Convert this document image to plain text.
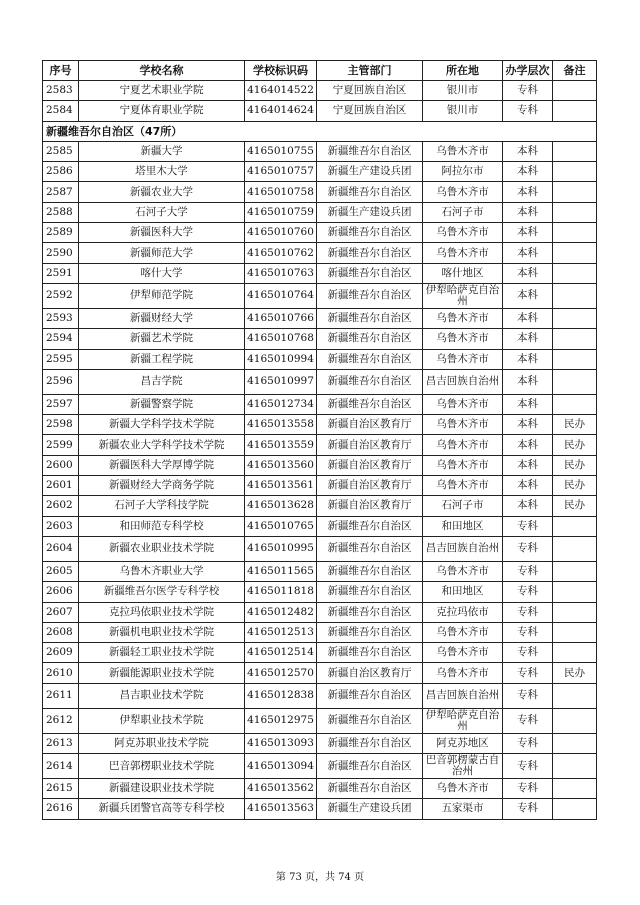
序号	学校名称	学校标识码	主管部门	所在地	办学层次	备注
2583	宁夏艺术职业学院	4164014522	宁夏回族自治区	银川市	专科	
2584	宁夏体育职业学院	4164014624	宁夏回族自治区	银川市	专科	
新疆维吾尔自治区（47所）						
2585	新疆大学	4165010755	新疆维吾尔自治区	乌鲁木齐市	本科	
2586	塔里木大学	4165010757	新疆生产建设兵团	阿拉尔市	本科	
2587	新疆农业大学	4165010758	新疆维吾尔自治区	乌鲁木齐市	本科	
2588	石河子大学	4165010759	新疆生产建设兵团	石河子市	本科	
2589	新疆医科大学	4165010760	新疆维吾尔自治区	乌鲁木齐市	本科	
2590	新疆师范大学	4165010762	新疆维吾尔自治区	乌鲁木齐市	本科	
2591	喀什大学	4165010763	新疆维吾尔自治区	喀什地区	本科	
2592	伊犁师范学院	4165010764	新疆维吾尔自治区	伊犁哈萨克自治州	本科	
2593	新疆财经大学	4165010766	新疆维吾尔自治区	乌鲁木齐市	本科	
2594	新疆艺术学院	4165010768	新疆维吾尔自治区	乌鲁木齐市	本科	
2595	新疆工程学院	4165010994	新疆维吾尔自治区	乌鲁木齐市	本科	
2596	昌吉学院	4165010997	新疆维吾尔自治区	昌吉回族自治州	本科	
2597	新疆警察学院	4165012734	新疆维吾尔自治区	乌鲁木齐市	本科	
2598	新疆大学科学技术学院	4165013558	新疆自治区教育厅	乌鲁木齐市	本科	民办
2599	新疆农业大学科学技术学院	4165013559	新疆自治区教育厅	乌鲁木齐市	本科	民办
2600	新疆医科大学厚博学院	4165013560	新疆自治区教育厅	乌鲁木齐市	本科	民办
2601	新疆财经大学商务学院	4165013561	新疆自治区教育厅	乌鲁木齐市	本科	民办
2602	石河子大学科技学院	4165013628	新疆自治区教育厅	石河子市	本科	民办
2603	和田师范专科学校	4165010765	新疆维吾尔自治区	和田地区	专科	
2604	新疆农业职业技术学院	4165010995	新疆维吾尔自治区	昌吉回族自治州	专科	
2605	乌鲁木齐职业大学	4165011565	新疆维吾尔自治区	乌鲁木齐市	专科	
2606	新疆维吾尔医学专科学校	4165011818	新疆维吾尔自治区	和田地区	专科	
2607	克拉玛依职业技术学院	4165012482	新疆维吾尔自治区	克拉玛依市	专科	
2608	新疆机电职业技术学院	4165012513	新疆维吾尔自治区	乌鲁木齐市	专科	
2609	新疆轻工职业技术学院	4165012514	新疆维吾尔自治区	乌鲁木齐市	专科	
2610	新疆能源职业技术学院	4165012570	新疆自治区教育厅	乌鲁木齐市	专科	民办
2611	昌吉职业技术学院	4165012838	新疆维吾尔自治区	昌吉回族自治州	专科	
2612	伊犁职业技术学院	4165012975	新疆维吾尔自治区	伊犁哈萨克自治州	专科	
2613	阿克苏职业技术学院	4165013093	新疆维吾尔自治区	阿克苏地区	专科	
2614	巴音郭楞职业技术学院	4165013094	新疆维吾尔自治区	巴音郭楞蒙古自治州	专科	
2615	新疆建设职业技术学院	4165013562	新疆维吾尔自治区	乌鲁木齐市	专科	
2616	新疆兵团警官高等专科学校	4165013563	新疆生产建设兵团	五家渠市	专科	
第 73 页，共 74 页
